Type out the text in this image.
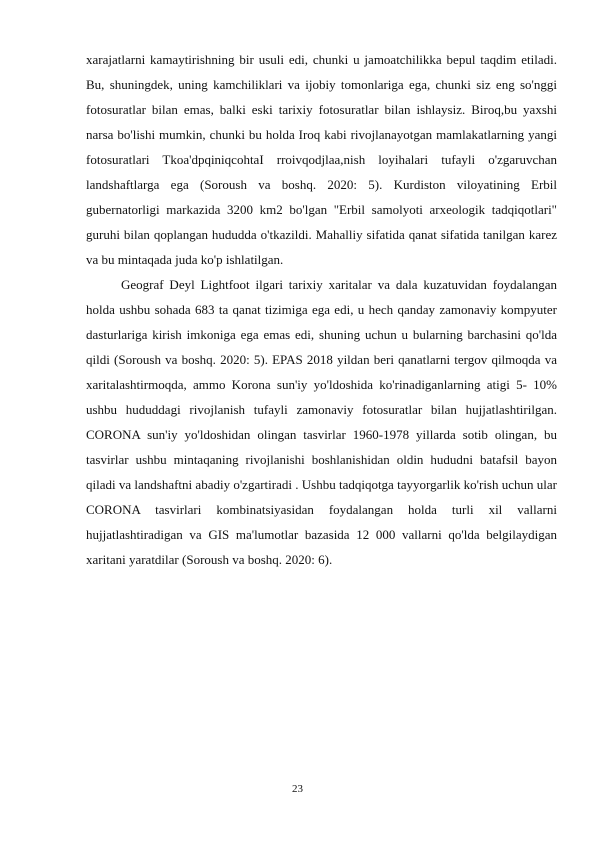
xarajatlarni kamaytirishning bir usuli edi, chunki u jamoatchilikka bepul taqdim etiladi. Bu, shuningdek, uning kamchiliklari va ijobiy tomonlariga ega, chunki siz eng so'nggi fotosuratlar bilan emas, balki eski tarixiy fotosuratlar bilan ishlaysiz. Biroq,bu yaxshi narsa bo'lishi mumkin, chunki bu holda Iroq kabi rivojlanayotgan mamlakatlarning yangi fotosuratlari Tkoa'dpqiniqcohtaI rroivqodjlaa,nish loyihalari tufayli o'zgaruvchan landshaftlarga ega (Soroush va boshq. 2020: 5). Kurdiston viloyatining Erbil gubernatorligi markazida 3200 km2 bo'lgan "Erbil samolyoti arxeologik tadqiqotlari" guruhi bilan qoplangan hududda o'tkazildi. Mahalliy sifatida qanat sifatida tanilgan karez va bu mintaqada juda ko'p ishlatilgan.

Geograf Deyl Lightfoot ilgari tarixiy xaritalar va dala kuzatuvidan foydalangan holda ushbu sohada 683 ta qanat tizimiga ega edi, u hech qanday zamonaviy kompyuter dasturlariga kirish imkoniga ega emas edi, shuning uchun u bularning barchasini qo'lda qildi (Soroush va boshq. 2020: 5). EPAS 2018 yildan beri qanatlarni tergov qilmoqda va xaritalashtirmoqda, ammo Korona sun'iy yo'ldoshida ko'rinadiganlarning atigi 5- 10% ushbu hududdagi rivojlanish tufayli zamonaviy fotosuratlar bilan hujjatlashtirilgan. CORONA sun'iy yo'ldoshidan olingan tasvirlar 1960-1978 yillarda sotib olingan, bu tasvirlar ushbu mintaqaning rivojlanishi boshlanishidan oldin hududni batafsil bayon qiladi va landshaftni abadiy o'zgartiradi . Ushbu tadqiqotga tayyorgarlik ko'rish uchun ular CORONA tasvirlari kombinatsiyasidan foydalangan holda turli xil vallarni hujjatlashtiradigan va GIS ma'lumotlar bazasida 12 000 vallarni qo'lda belgilaydigan xaritani yaratdilar (Soroush va boshq. 2020: 6).

23
